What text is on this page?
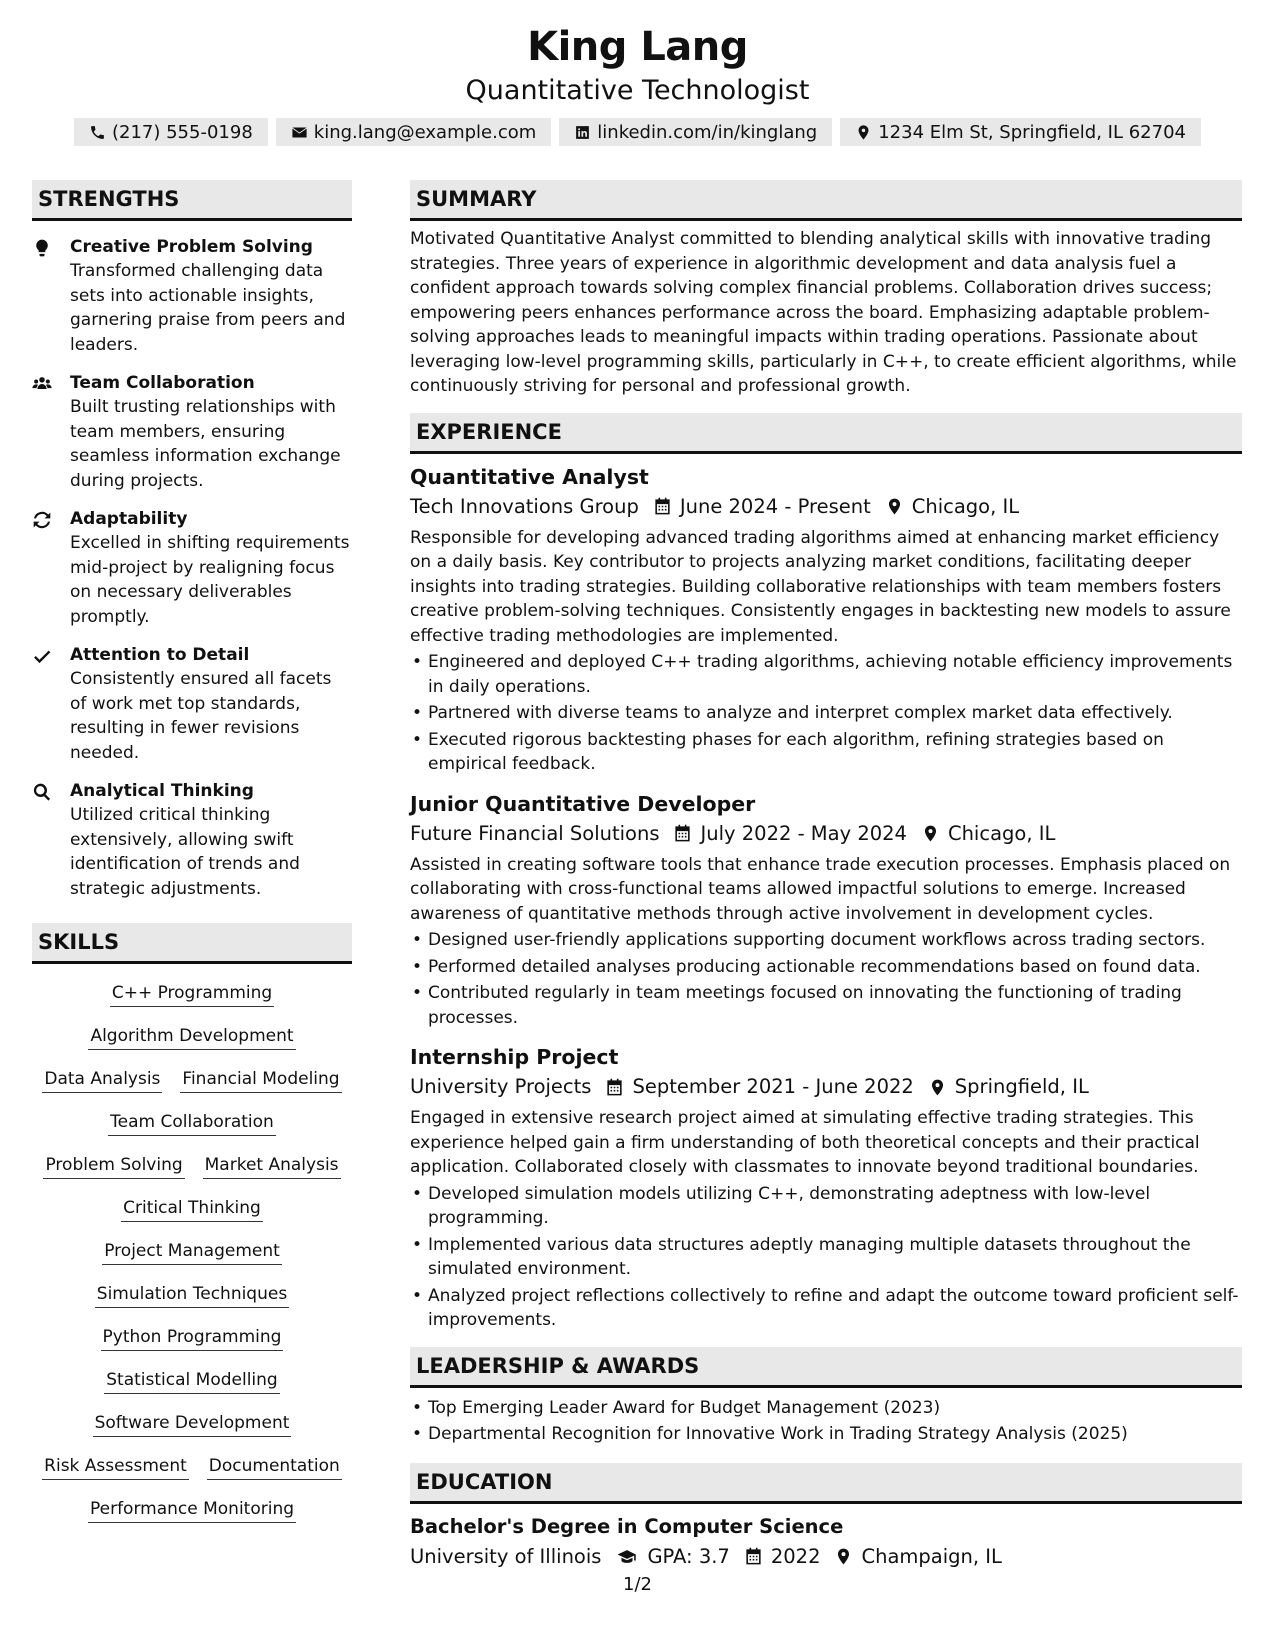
King Lang
Quantitative Technologist
(217) 555-0198	king.lang@example.com	linkedin.com/in/kinglang	1234 Elm St, Springfield, IL 62704
STRENGTHS
Creative Problem Solving
Transformed challenging data sets into actionable insights, garnering praise from peers and leaders.
Team Collaboration
Built trusting relationships with team members, ensuring seamless information exchange during projects.
Adaptability
Excelled in shifting requirements mid-project by realigning focus on necessary deliverables promptly.
Attention to Detail
Consistently ensured all facets of work met top standards, resulting in fewer revisions needed.
Analytical Thinking
Utilized critical thinking extensively, allowing swift identification of trends and strategic adjustments.
SKILLS
C++ Programming
Algorithm Development
Data Analysis Financial Modeling
Team Collaboration
Problem Solving Market Analysis
Critical Thinking
Project Management
Simulation Techniques
Python Programming
Statistical Modelling
Software Development
Risk Assessment Documentation
Performance Monitoring
SUMMARY
Motivated Quantitative Analyst committed to blending analytical skills with innovative trading strategies. Three years of experience in algorithmic development and data analysis fuel a confident approach towards solving complex financial problems. Collaboration drives success; empowering peers enhances performance across the board. Emphasizing adaptable problem-solving approaches leads to meaningful impacts within trading operations. Passionate about leveraging low-level programming skills, particularly in C++, to create efficient algorithms, while continuously striving for personal and professional growth.
EXPERIENCE
Quantitative Analyst
Tech Innovations Group June 2024 - Present Chicago, IL
Responsible for developing advanced trading algorithms aimed at enhancing market efficiency on a daily basis. Key contributor to projects analyzing market conditions, facilitating deeper insights into trading strategies. Building collaborative relationships with team members fosters creative problem-solving techniques. Consistently engages in backtesting new models to assure effective trading methodologies are implemented.
• Engineered and deployed C++ trading algorithms, achieving notable efficiency improvements in daily operations.
• Partnered with diverse teams to analyze and interpret complex market data effectively.
• Executed rigorous backtesting phases for each algorithm, refining strategies based on empirical feedback.
Junior Quantitative Developer
Future Financial Solutions July 2022 - May 2024 Chicago, IL
Assisted in creating software tools that enhance trade execution processes. Emphasis placed on collaborating with cross-functional teams allowed impactful solutions to emerge. Increased awareness of quantitative methods through active involvement in development cycles.
• Designed user-friendly applications supporting document workflows across trading sectors.
• Performed detailed analyses producing actionable recommendations based on found data.
• Contributed regularly in team meetings focused on innovating the functioning of trading processes.
Internship Project
University Projects September 2021 - June 2022 Springfield, IL
Engaged in extensive research project aimed at simulating effective trading strategies. This experience helped gain a firm understanding of both theoretical concepts and their practical application. Collaborated closely with classmates to innovate beyond traditional boundaries.
• Developed simulation models utilizing C++, demonstrating adeptness with low-level programming.
• Implemented various data structures adeptly managing multiple datasets throughout the simulated environment.
• Analyzed project reflections collectively to refine and adapt the outcome toward proficient self-improvements.
LEADERSHIP & AWARDS
• Top Emerging Leader Award for Budget Management (2023)
• Departmental Recognition for Innovative Work in Trading Strategy Analysis (2025)
EDUCATION
Bachelor's Degree in Computer Science
University of Illinois GPA: 3.7 2022 Champaign, IL
1/2
